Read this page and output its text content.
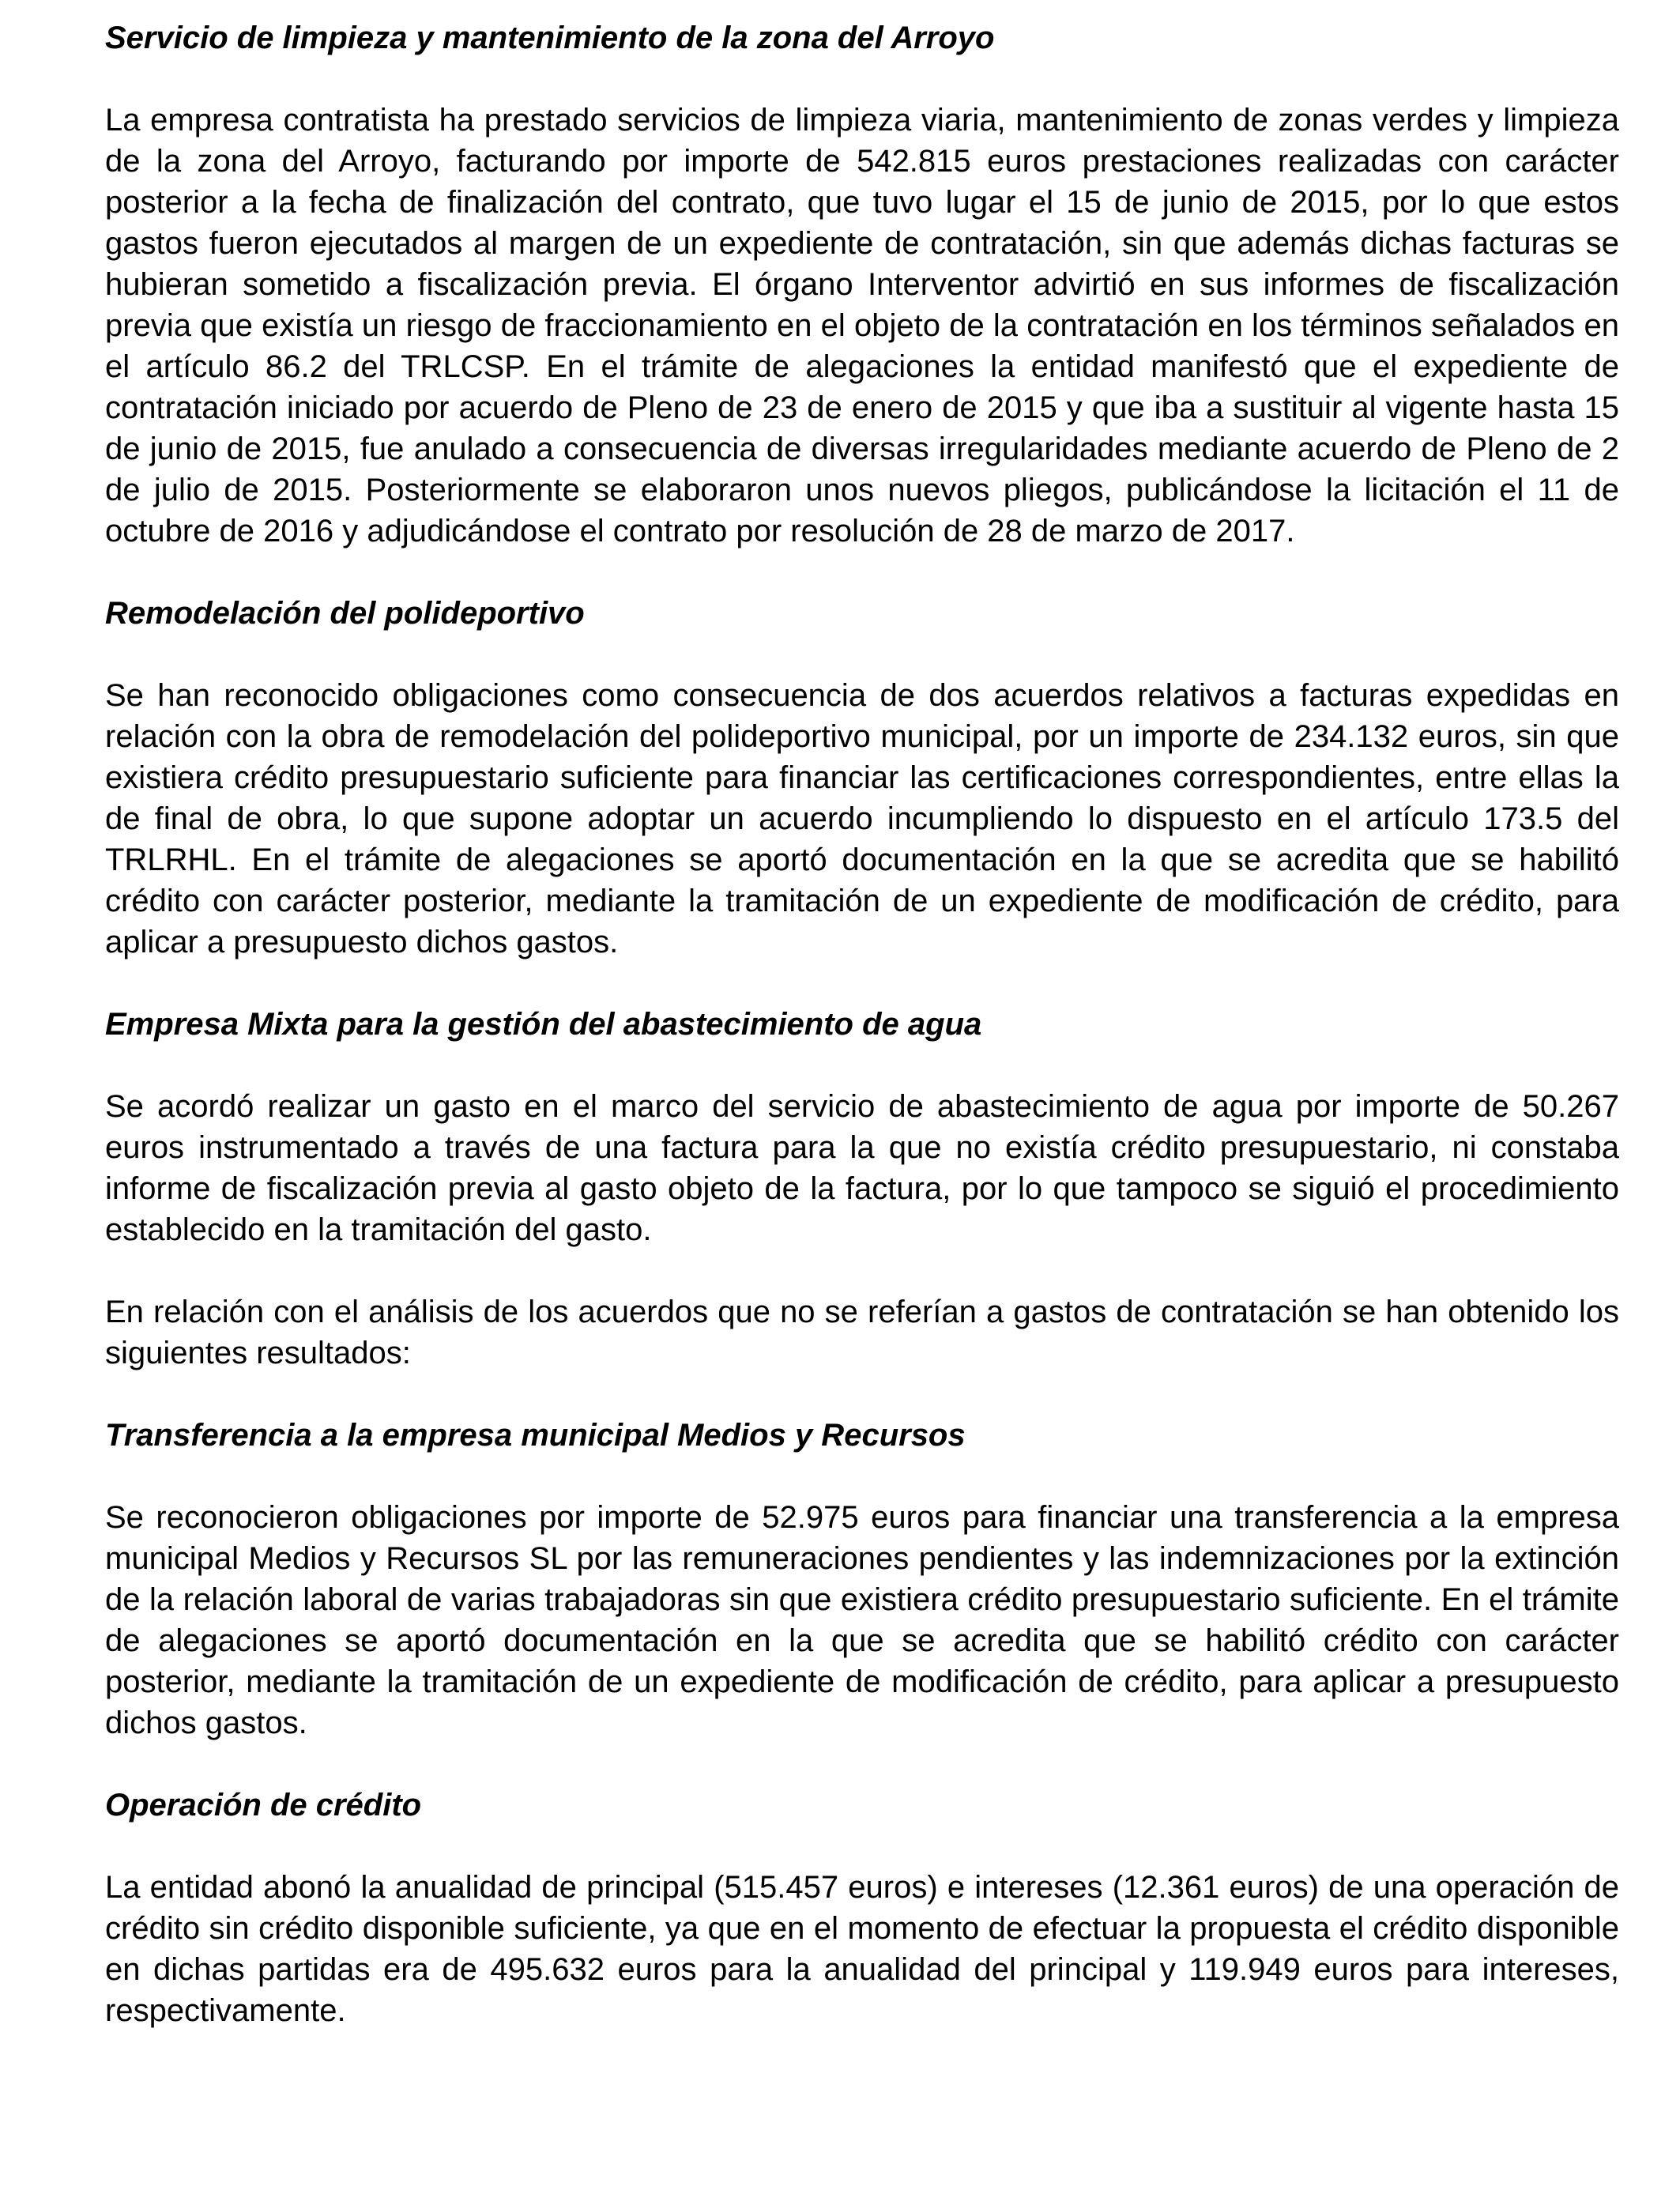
Servicio de limpieza y mantenimiento de la zona del Arroyo

La empresa contratista ha prestado servicios de limpieza viaria, mantenimiento de zonas verdes y limpieza de la zona del Arroyo, facturando por importe de 542.815 euros prestaciones realizadas con carácter posterior a la fecha de finalización del contrato, que tuvo lugar el 15 de junio de 2015, por lo que estos gastos fueron ejecutados al margen de un expediente de contratación, sin que además dichas facturas se hubieran sometido a fiscalización previa. El órgano Interventor advirtió en sus informes de fiscalización previa que existía un riesgo de fraccionamiento en el objeto de la contratación en los términos señalados en el artículo 86.2 del TRLCSP. En el trámite de alegaciones la entidad manifestó que el expediente de contratación iniciado por acuerdo de Pleno de 23 de enero de 2015 y que iba a sustituir al vigente hasta 15 de junio de 2015, fue anulado a consecuencia de diversas irregularidades mediante acuerdo de Pleno de 2 de julio de 2015. Posteriormente se elaboraron unos nuevos pliegos, publicándose la licitación el 11 de octubre de 2016 y adjudicándose el contrato por resolución de 28 de marzo de 2017.

Remodelación del polideportivo

Se han reconocido obligaciones como consecuencia de dos acuerdos relativos a facturas expedidas en relación con la obra de remodelación del polideportivo municipal, por un importe de 234.132 euros, sin que existiera crédito presupuestario suficiente para financiar las certificaciones correspondientes, entre ellas la de final de obra, lo que supone adoptar un acuerdo incumpliendo lo dispuesto en el artículo 173.5 del TRLRHL. En el trámite de alegaciones se aportó documentación en la que se acredita que se habilitó crédito con carácter posterior, mediante la tramitación de un expediente de modificación de crédito, para aplicar a presupuesto dichos gastos.

Empresa Mixta para la gestión del abastecimiento de agua

Se acordó realizar un gasto en el marco del servicio de abastecimiento de agua por importe de 50.267 euros instrumentado a través de una factura para la que no existía crédito presupuestario, ni constaba informe de fiscalización previa al gasto objeto de la factura, por lo que tampoco se siguió el procedimiento establecido en la tramitación del gasto.

En relación con el análisis de los acuerdos que no se referían a gastos de contratación se han obtenido los siguientes resultados:

Transferencia a la empresa municipal Medios y Recursos

Se reconocieron obligaciones por importe de 52.975 euros para financiar una transferencia a la empresa municipal Medios y Recursos SL por las remuneraciones pendientes y las indemnizaciones por la extinción de la relación laboral de varias trabajadoras sin que existiera crédito presupuestario suficiente. En el trámite de alegaciones se aportó documentación en la que se acredita que se habilitó crédito con carácter posterior, mediante la tramitación de un expediente de modificación de crédito, para aplicar a presupuesto dichos gastos.

Operación de crédito

La entidad abonó la anualidad de principal (515.457 euros) e intereses (12.361 euros) de una operación de crédito sin crédito disponible suficiente, ya que en el momento de efectuar la propuesta el crédito disponible en dichas partidas era de 495.632 euros para la anualidad del principal y 119.949 euros para intereses, respectivamente.
